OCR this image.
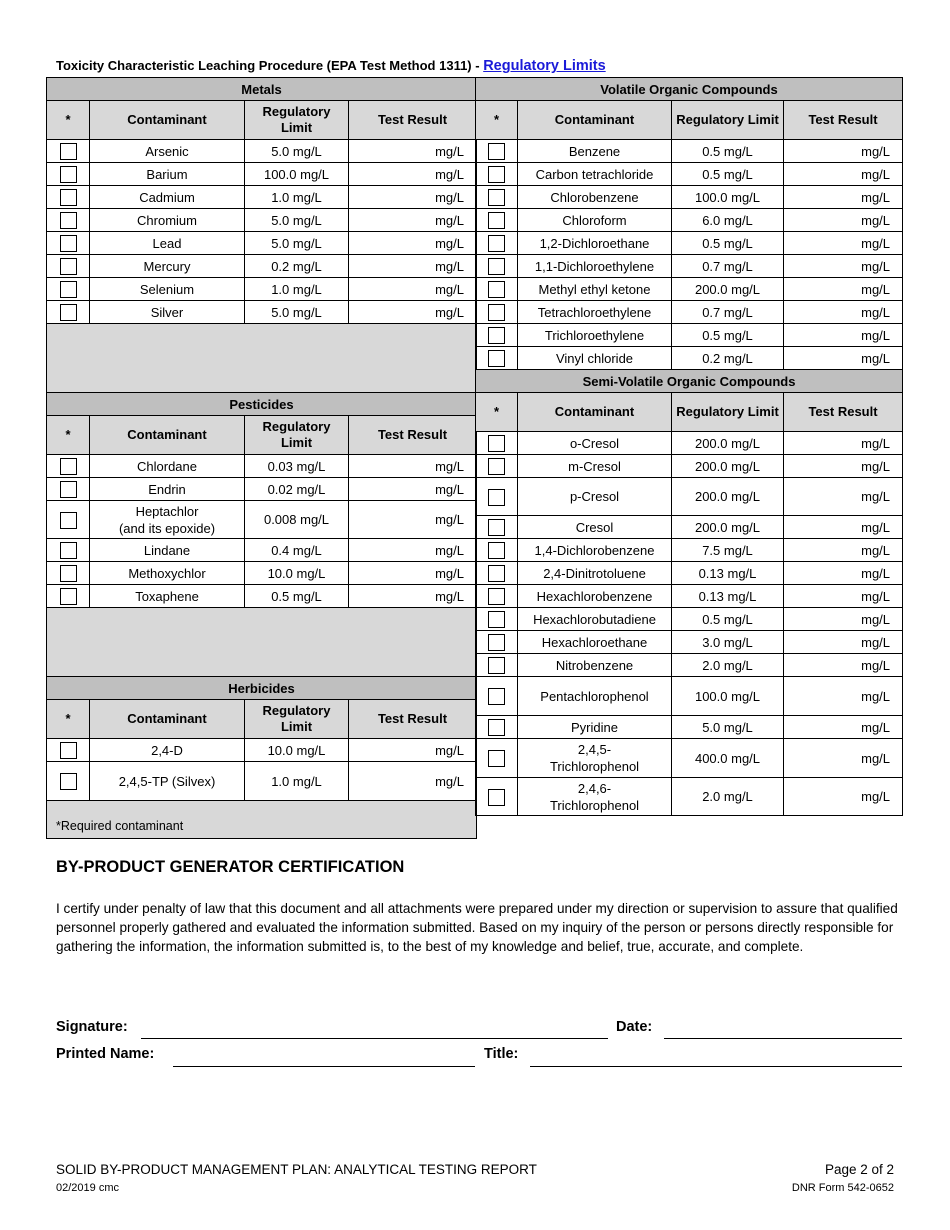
Toxicity Characteristic Leaching Procedure (EPA Test Method 1311) - Regulatory Limits
Metals				
*	Contaminant	Regulatory Limit	Test Result	
	Arsenic	5.0 mg/L		mg/L
	Barium	100.0 mg/L		mg/L
	Cadmium	1.0 mg/L		mg/L
	Chromium	5.0 mg/L		mg/L
	Lead	5.0 mg/L		mg/L
	Mercury	0.2 mg/L		mg/L
	Selenium	1.0 mg/L		mg/L
	Silver	5.0 mg/L		mg/L

Pesticides				
*	Contaminant	Regulatory Limit	Test Result	
	Chlordane	0.03 mg/L		mg/L
	Endrin	0.02 mg/L		mg/L
	Heptachlor
(and its epoxide)	0.008 mg/L		mg/L
	Lindane	0.4 mg/L		mg/L
	Methoxychlor	10.0 mg/L		mg/L
	Toxaphene	0.5 mg/L		mg/L

Herbicides				
*	Contaminant	Regulatory Limit	Test Result	
	2,4-D	10.0 mg/L		mg/L
	2,4,5-TP (Silvex)	1.0 mg/L		mg/L

Volatile Organic Compounds				
*	Contaminant	Regulatory Limit	Test Result	
	Benzene	0.5 mg/L		mg/L
	Carbon tetrachloride	0.5 mg/L		mg/L
	Chlorobenzene	100.0 mg/L		mg/L
	Chloroform	6.0 mg/L		mg/L
	1,2-Dichloroethane	0.5 mg/L		mg/L
	1,1-Dichloroethylene	0.7 mg/L		mg/L
	Methyl ethyl ketone	200.0 mg/L		mg/L
	Tetrachloroethylene	0.7 mg/L		mg/L
	Trichloroethylene	0.5 mg/L		mg/L
	Vinyl chloride	0.2 mg/L		mg/L
Semi-Volatile Organic Compounds				
*	Contaminant	Regulatory Limit	Test Result	
	o-Cresol	200.0 mg/L		mg/L
	m-Cresol	200.0 mg/L		mg/L
	p-Cresol	200.0 mg/L		mg/L
	Cresol	200.0 mg/L		mg/L
	1,4-Dichlorobenzene	7.5 mg/L		mg/L
	2,4-Dinitrotoluene	0.13 mg/L		mg/L
	Hexachlorobenzene	0.13 mg/L		mg/L
	Hexachlorobutadiene	0.5 mg/L		mg/L
	Hexachloroethane	3.0 mg/L		mg/L
	Nitrobenzene	2.0 mg/L		mg/L
	Pentachlorophenol	100.0 mg/L		mg/L
	Pyridine	5.0 mg/L		mg/L
	2,4,5-
Trichlorophenol	400.0 mg/L		mg/L
	2,4,6-
Trichlorophenol	2.0 mg/L		mg/L
*Required contaminant
BY-PRODUCT GENERATOR CERTIFICATION
I certify under penalty of law that this document and all attachments were prepared under my direction or supervision to assure that qualified personnel properly gathered and evaluated the information submitted. Based on my inquiry of the person or persons directly responsible for gathering the information, the information submitted is, to the best of my knowledge and belief, true, accurate, and complete.
Signature:	Date:
Printed Name:	Title:
SOLID BY-PRODUCT MANAGEMENT PLAN: ANALYTICAL TESTING REPORT
02/2019 cmc
Page 2 of 2
DNR Form 542-0652
